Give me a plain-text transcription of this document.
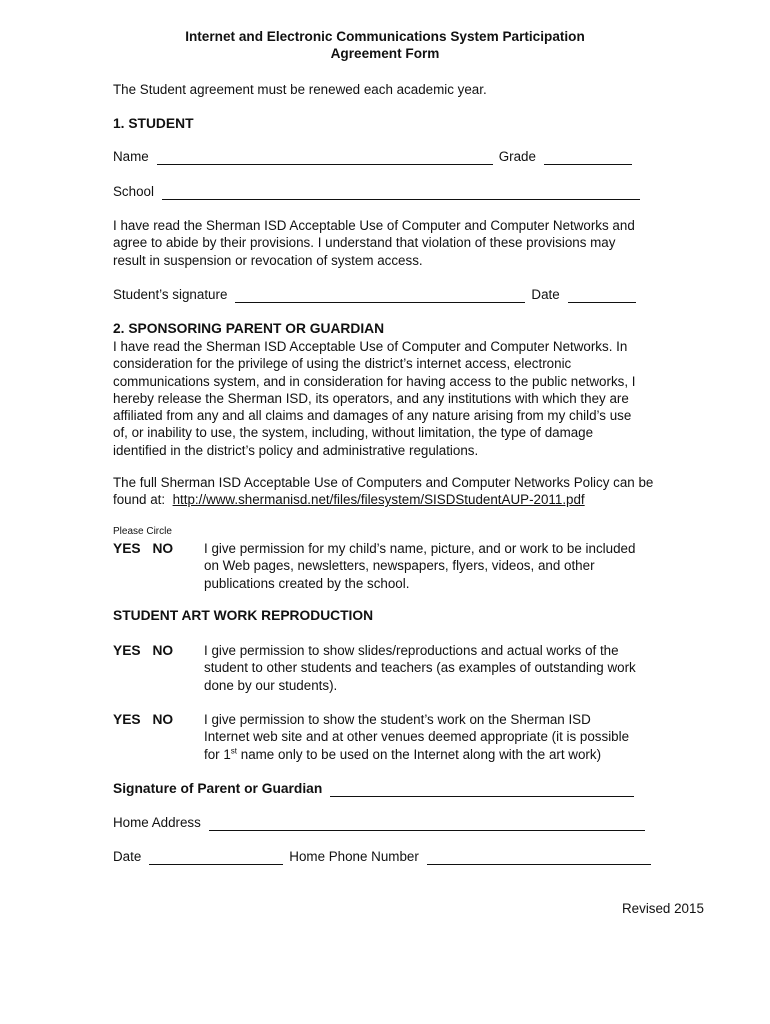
Internet and Electronic Communications System Participation
Agreement Form
The Student agreement must be renewed each academic year.
1. STUDENT
Name	Grade
School
I have read the Sherman ISD Acceptable Use of Computer and Computer Networks and
agree to abide by their provisions. I understand that violation of these provisions may
result in suspension or revocation of system access.
Student’s signature	Date
2. SPONSORING PARENT OR GUARDIAN
I have read the Sherman ISD Acceptable Use of Computer and Computer Networks. In
consideration for the privilege of using the district’s internet access, electronic
communications system, and in consideration for having access to the public networks, I
hereby release the Sherman ISD, its operators, and any institutions with which they are
affiliated from any and all claims and damages of any nature arising from my child’s use
of, or inability to use, the system, including, without limitation, the type of damage
identified in the district’s policy and administrative regulations.
The full Sherman ISD Acceptable Use of Computers and Computer Networks Policy can be
found at: http://www.shermanisd.net/files/filesystem/SISDStudentAUP-2011.pdf
Please Circle
YES NO I give permission for my child’s name, picture, and or work to be included
on Web pages, newsletters, newspapers, flyers, videos, and other
publications created by the school.
STUDENT ART WORK REPRODUCTION
YES NO I give permission to show slides/reproductions and actual works of the
student to other students and teachers (as examples of outstanding work
done by our students).
YES NO I give permission to show the student’s work on the Sherman ISD
Internet web site and at other venues deemed appropriate (it is possible
for 1st name only to be used on the Internet along with the art work)
Signature of Parent or Guardian
Home Address
Date	Home Phone Number
Revised 2015
